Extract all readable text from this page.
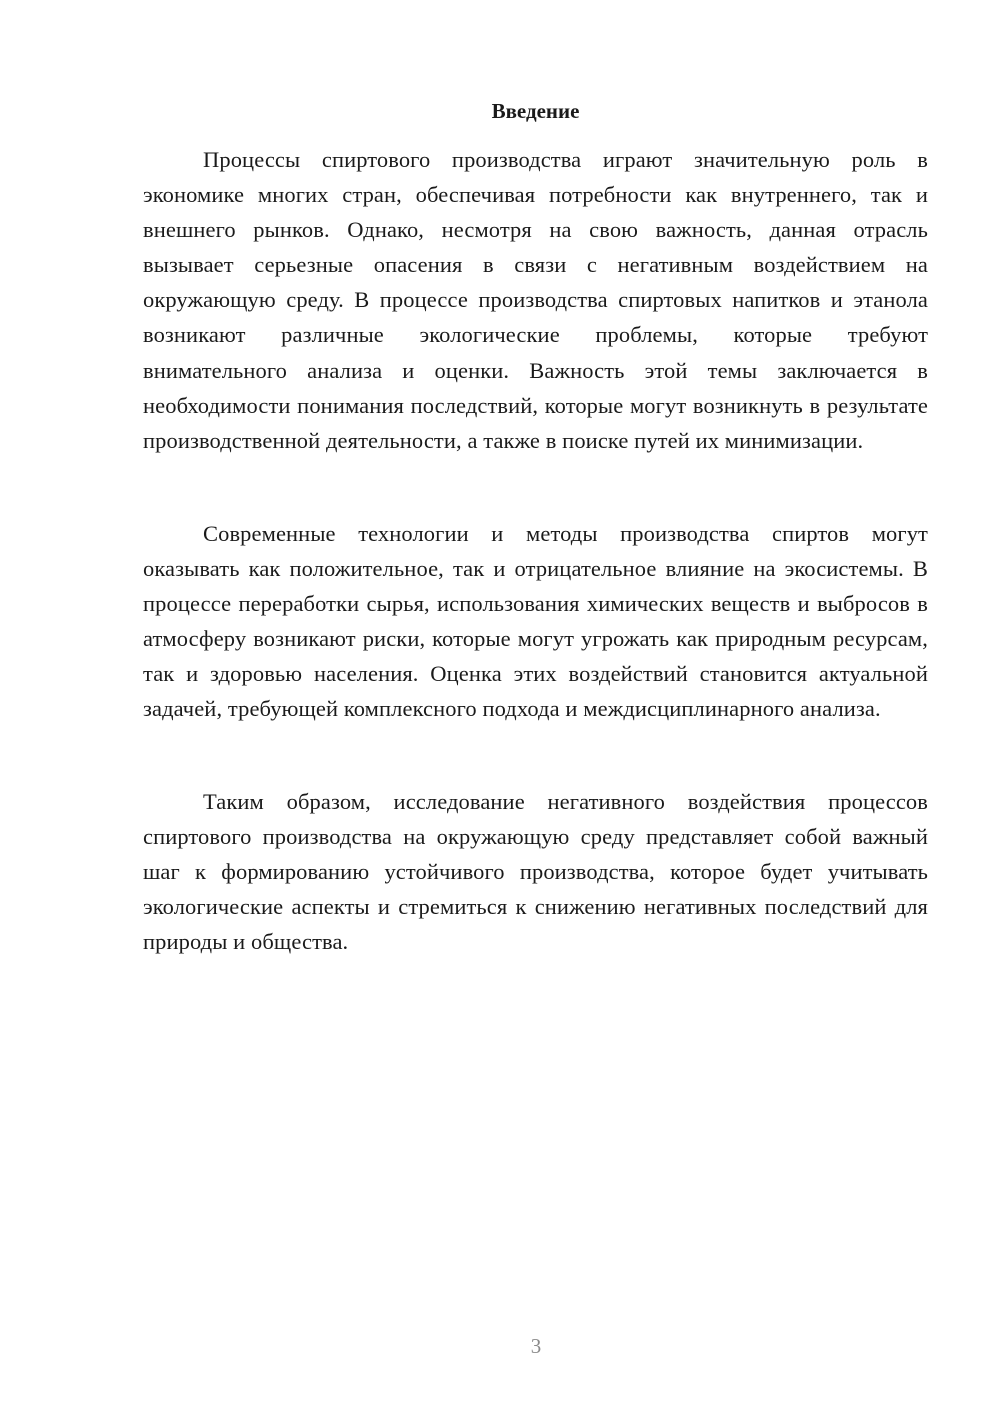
Введение

Процессы спиртового производства играют значительную роль в экономике многих стран, обеспечивая потребности как внутреннего, так и внешнего рынков. Однако, несмотря на свою важность, данная отрасль вызывает серьезные опасения в связи с негативным воздействием на окружающую среду. В процессе производства спиртовых напитков и этанола возникают различные экологические проблемы, которые требуют внимательного анализа и оценки. Важность этой темы заключается в необходимости понимания последствий, которые могут возникнуть в результате производственной деятельности, а также в поиске путей их минимизации.

Современные технологии и методы производства спиртов могут оказывать как положительное, так и отрицательное влияние на экосистемы. В процессе переработки сырья, использования химических веществ и выбросов в атмосферу возникают риски, которые могут угрожать как природным ресурсам, так и здоровью населения. Оценка этих воздействий становится актуальной задачей, требующей комплексного подхода и междисциплинарного анализа.

Таким образом, исследование негативного воздействия процессов спиртового производства на окружающую среду представляет собой важный шаг к формированию устойчивого производства, которое будет учитывать экологические аспекты и стремиться к снижению негативных последствий для природы и общества.

3
